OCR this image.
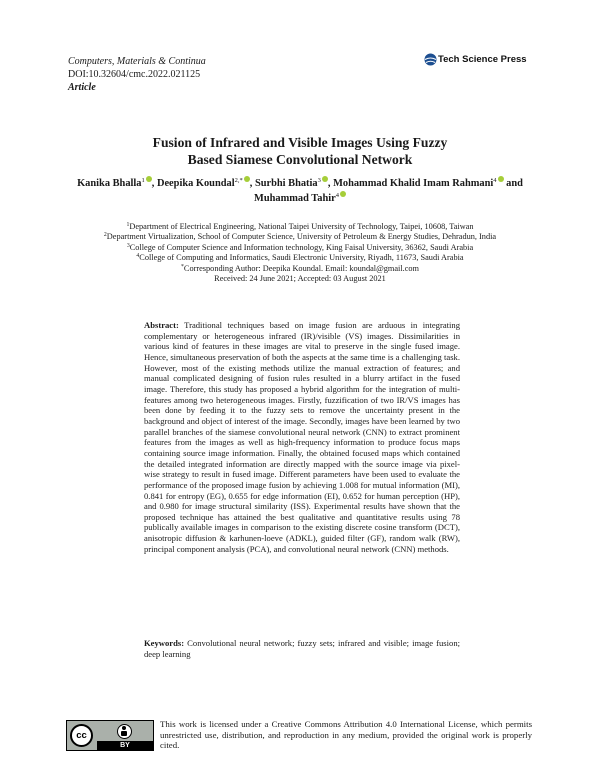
Computers, Materials & Continua
DOI:10.32604/cmc.2022.021125
Article
Tech Science Press
Fusion of Infrared and Visible Images Using Fuzzy
Based Siamese Convolutional Network
Kanika Bhalla$^1$ , Deepika Koundal$^{2,*}$ , Surbhi Bhatia$^3$ , Mohammad Khalid Imam Rahmani$^4$ and
Muhammad Tahir$^4$
$^1$Department of Electrical Engineering, National Taipei University of Technology, Taipei, 10608, Taiwan
$^2$Department Virtualization, School of Computer Science, University of Petroleum & Energy Studies, Dehradun, India
$^3$College of Computer Science and Information technology, King Faisal University, 36362, Saudi Arabia
$^4$College of Computing and Informatics, Saudi Electronic University, Riyadh, 11673, Saudi Arabia
*Corresponding Author: Deepika Koundal. Email: koundal@gmail.com
Received: 24 June 2021; Accepted: 03 August 2021
Abstract: Traditional techniques based on image fusion are arduous in integrating complementary or heterogeneous infrared (IR)/visible (VS) images. Dissimilarities in various kind of features in these images are vital to preserve in the single fused image. Hence, simultaneous preservation of both the aspects at the same time is a challenging task. However, most of the existing methods utilize the manual extraction of features; and manual complicated designing of fusion rules resulted in a blurry artifact in the fused image. Therefore, this study has proposed a hybrid algorithm for the integration of multi-features among two heterogeneous images. Firstly, fuzzification of two IR/VS images has been done by feeding it to the fuzzy sets to remove the uncertainty present in the background and object of interest of the image. Secondly, images have been learned by two parallel branches of the siamese convolutional neural network (CNN) to extract prominent features from the images as well as high-frequency information to produce focus maps containing source image information. Finally, the obtained focused maps which contained the detailed integrated information are directly mapped with the source image via pixel-wise strategy to result in fused image. Different parameters have been used to evaluate the performance of the proposed image fusion by achieving 1.008 for mutual information (MI), 0.841 for entropy (EG), 0.655 for edge information (EI), 0.652 for human perception (HP), and 0.980 for image structural similarity (ISS). Experimental results have shown that the proposed technique has attained the best qualitative and quantitative results using 78 publically available images in comparison to the existing discrete cosine transform (DCT), anisotropic diffusion & karhunen-loeve (ADKL), guided filter (GF), random walk (RW), principal component analysis (PCA), and convolutional neural network (CNN) methods.
Keywords: Convolutional neural network; fuzzy sets; infrared and visible; image fusion; deep learning
cc
BY
This work is licensed under a Creative Commons Attribution 4.0 International License, which permits unrestricted use, distribution, and reproduction in any medium, provided the original work is properly cited.
